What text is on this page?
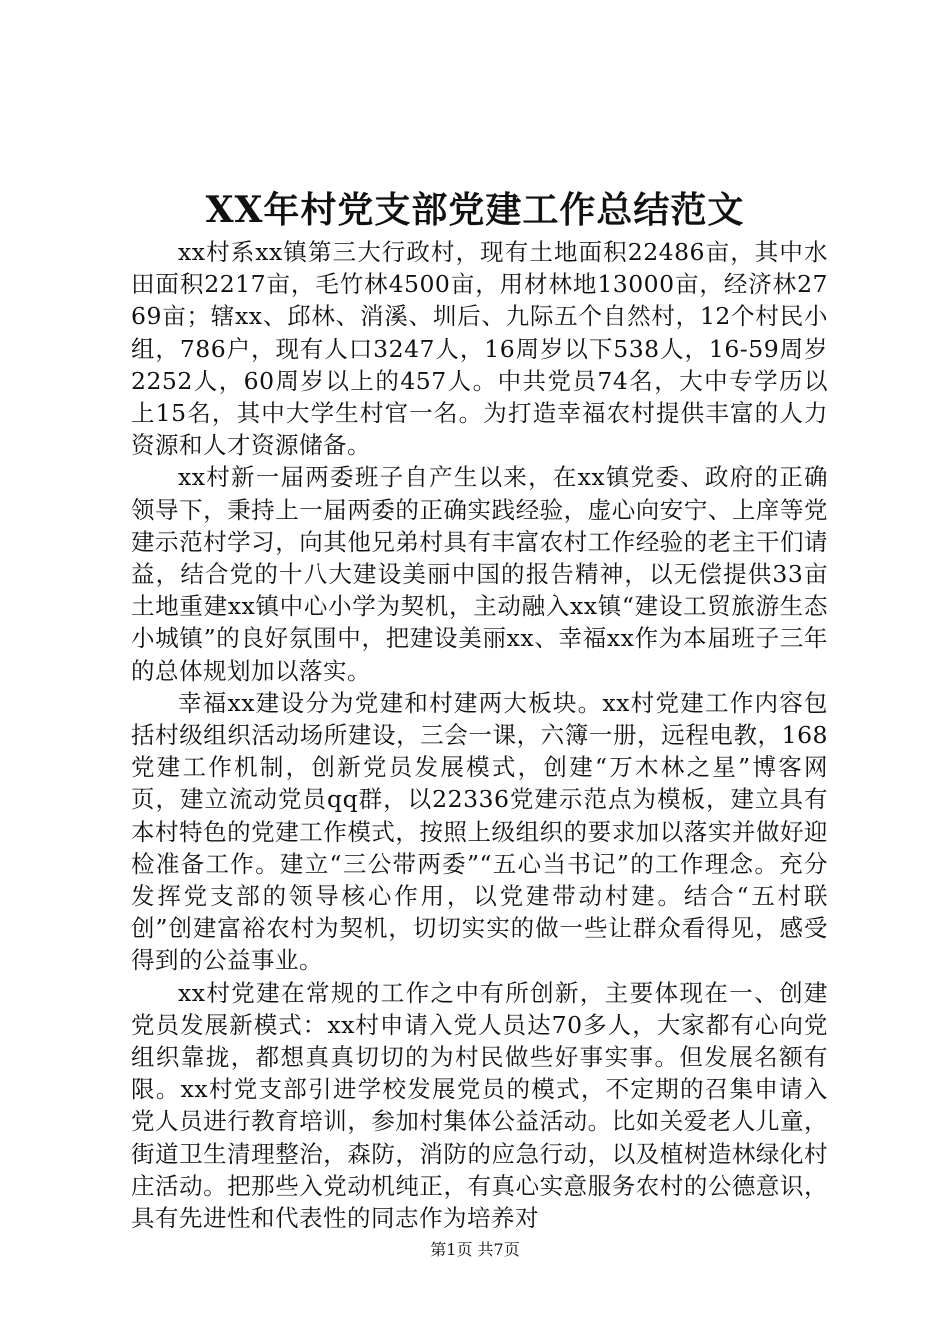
XX年村党支部党建工作总结范文

xx村系xx镇第三大行政村，现有土地面积22486亩，其中水田面积2217亩，毛竹林4500亩，用材林地13000亩，经济林2769亩；辖xx、邱林、消溪、圳后、九际五个自然村，12个村民小组，786户，现有人口3247人，16周岁以下538人，16-59周岁2252人，60周岁以上的457人。中共党员74名，大中专学历以上15名，其中大学生村官一名。为打造幸福农村提供丰富的人力资源和人才资源储备。

xx村新一届两委班子自产生以来，在xx镇党委、政府的正确领导下，秉持上一届两委的正确实践经验，虚心向安宁、上庠等党建示范村学习，向其他兄弟村具有丰富农村工作经验的老主干们请益，结合党的十八大建设美丽中国的报告精神，以无偿提供33亩土地重建xx镇中心小学为契机，主动融入xx镇“建设工贸旅游生态小城镇”的良好氛围中，把建设美丽xx、幸福xx作为本届班子三年的总体规划加以落实。

幸福xx建设分为党建和村建两大板块。xx村党建工作内容包括村级组织活动场所建设，三会一课，六簿一册，远程电教，168党建工作机制，创新党员发展模式，创建“万木林之星”博客网页，建立流动党员qq群，以22336党建示范点为模板，建立具有本村特色的党建工作模式，按照上级组织的要求加以落实并做好迎检准备工作。建立“三公带两委”“五心当书记”的工作理念。充分发挥党支部的领导核心作用，以党建带动村建。结合“五村联创”创建富裕农村为契机，切切实实的做一些让群众看得见，感受得到的公益事业。

xx村党建在常规的工作之中有所创新，主要体现在一、创建党员发展新模式：xx村申请入党人员达70多人，大家都有心向党组织靠拢，都想真真切切的为村民做些好事实事。但发展名额有限。xx村党支部引进学校发展党员的模式，不定期的召集申请入党人员进行教育培训，参加村集体公益活动。比如关爱老人儿童，街道卫生清理整治，森防，消防的应急行动，以及植树造林绿化村庄活动。把那些入党动机纯正，有真心实意服务农村的公德意识，具有先进性和代表性的同志作为培养对

第1页 共7页
